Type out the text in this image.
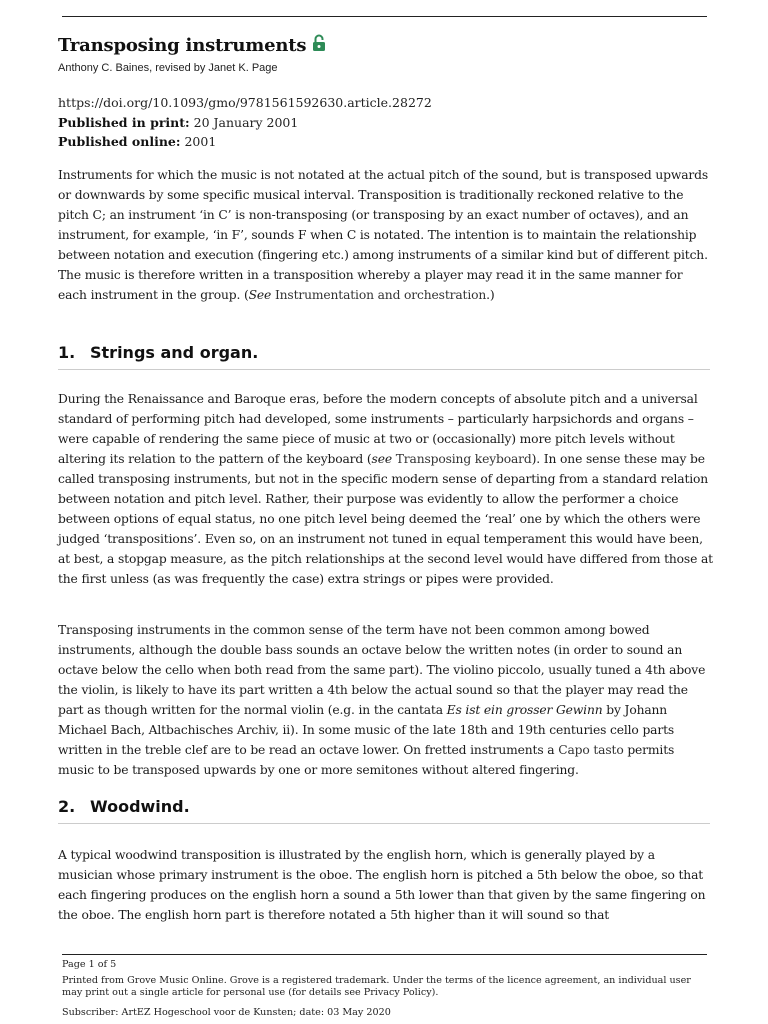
Transposing instruments
Anthony C. Baines, revised by Janet K. Page
https://doi.org/10.1093/gmo/9781561592630.article.28272
Published in print: 20 January 2001
Published online: 2001
Instruments for which the music is not notated at the actual pitch of the sound, but is transposed upwards or downwards by some specific musical interval. Transposition is traditionally reckoned relative to the pitch C; an instrument ‘in C’ is non-transposing (or transposing by an exact number of octaves), and an instrument, for example, ‘in F’, sounds F when C is notated. The intention is to maintain the relationship between notation and execution (fingering etc.) among instruments of a similar kind but of different pitch. The music is therefore written in a transposition whereby a player may read it in the same manner for each instrument in the group. (See Instrumentation and orchestration.)
1. Strings and organ.
During the Renaissance and Baroque eras, before the modern concepts of absolute pitch and a universal standard of performing pitch had developed, some instruments – particularly harpsichords and organs – were capable of rendering the same piece of music at two or (occasionally) more pitch levels without altering its relation to the pattern of the keyboard (see Transposing keyboard). In one sense these may be called transposing instruments, but not in the specific modern sense of departing from a standard relation between notation and pitch level. Rather, their purpose was evidently to allow the performer a choice between options of equal status, no one pitch level being deemed the ‘real’ one by which the others were judged ‘transpositions’. Even so, on an instrument not tuned in equal temperament this would have been, at best, a stopgap measure, as the pitch relationships at the second level would have differed from those at the first unless (as was frequently the case) extra strings or pipes were provided.
Transposing instruments in the common sense of the term have not been common among bowed instruments, although the double bass sounds an octave below the written notes (in order to sound an octave below the cello when both read from the same part). The violino piccolo, usually tuned a 4th above the violin, is likely to have its part written a 4th below the actual sound so that the player may read the part as though written for the normal violin (e.g. in the cantata Es ist ein grosser Gewinn by Johann Michael Bach, Altbachisches Archiv, ii). In some music of the late 18th and 19th centuries cello parts written in the treble clef are to be read an octave lower. On fretted instruments a Capo tasto permits music to be transposed upwards by one or more semitones without altered fingering.
2. Woodwind.
A typical woodwind transposition is illustrated by the english horn, which is generally played by a musician whose primary instrument is the oboe. The english horn is pitched a 5th below the oboe, so that each fingering produces on the english horn a sound a 5th lower than that given by the same fingering on the oboe. The english horn part is therefore notated a 5th higher than it will sound so that
Page 1 of 5
Printed from Grove Music Online. Grove is a registered trademark. Under the terms of the licence agreement, an individual user may print out a single article for personal use (for details see Privacy Policy).
Subscriber: ArtEZ Hogeschool voor de Kunsten; date: 03 May 2020
